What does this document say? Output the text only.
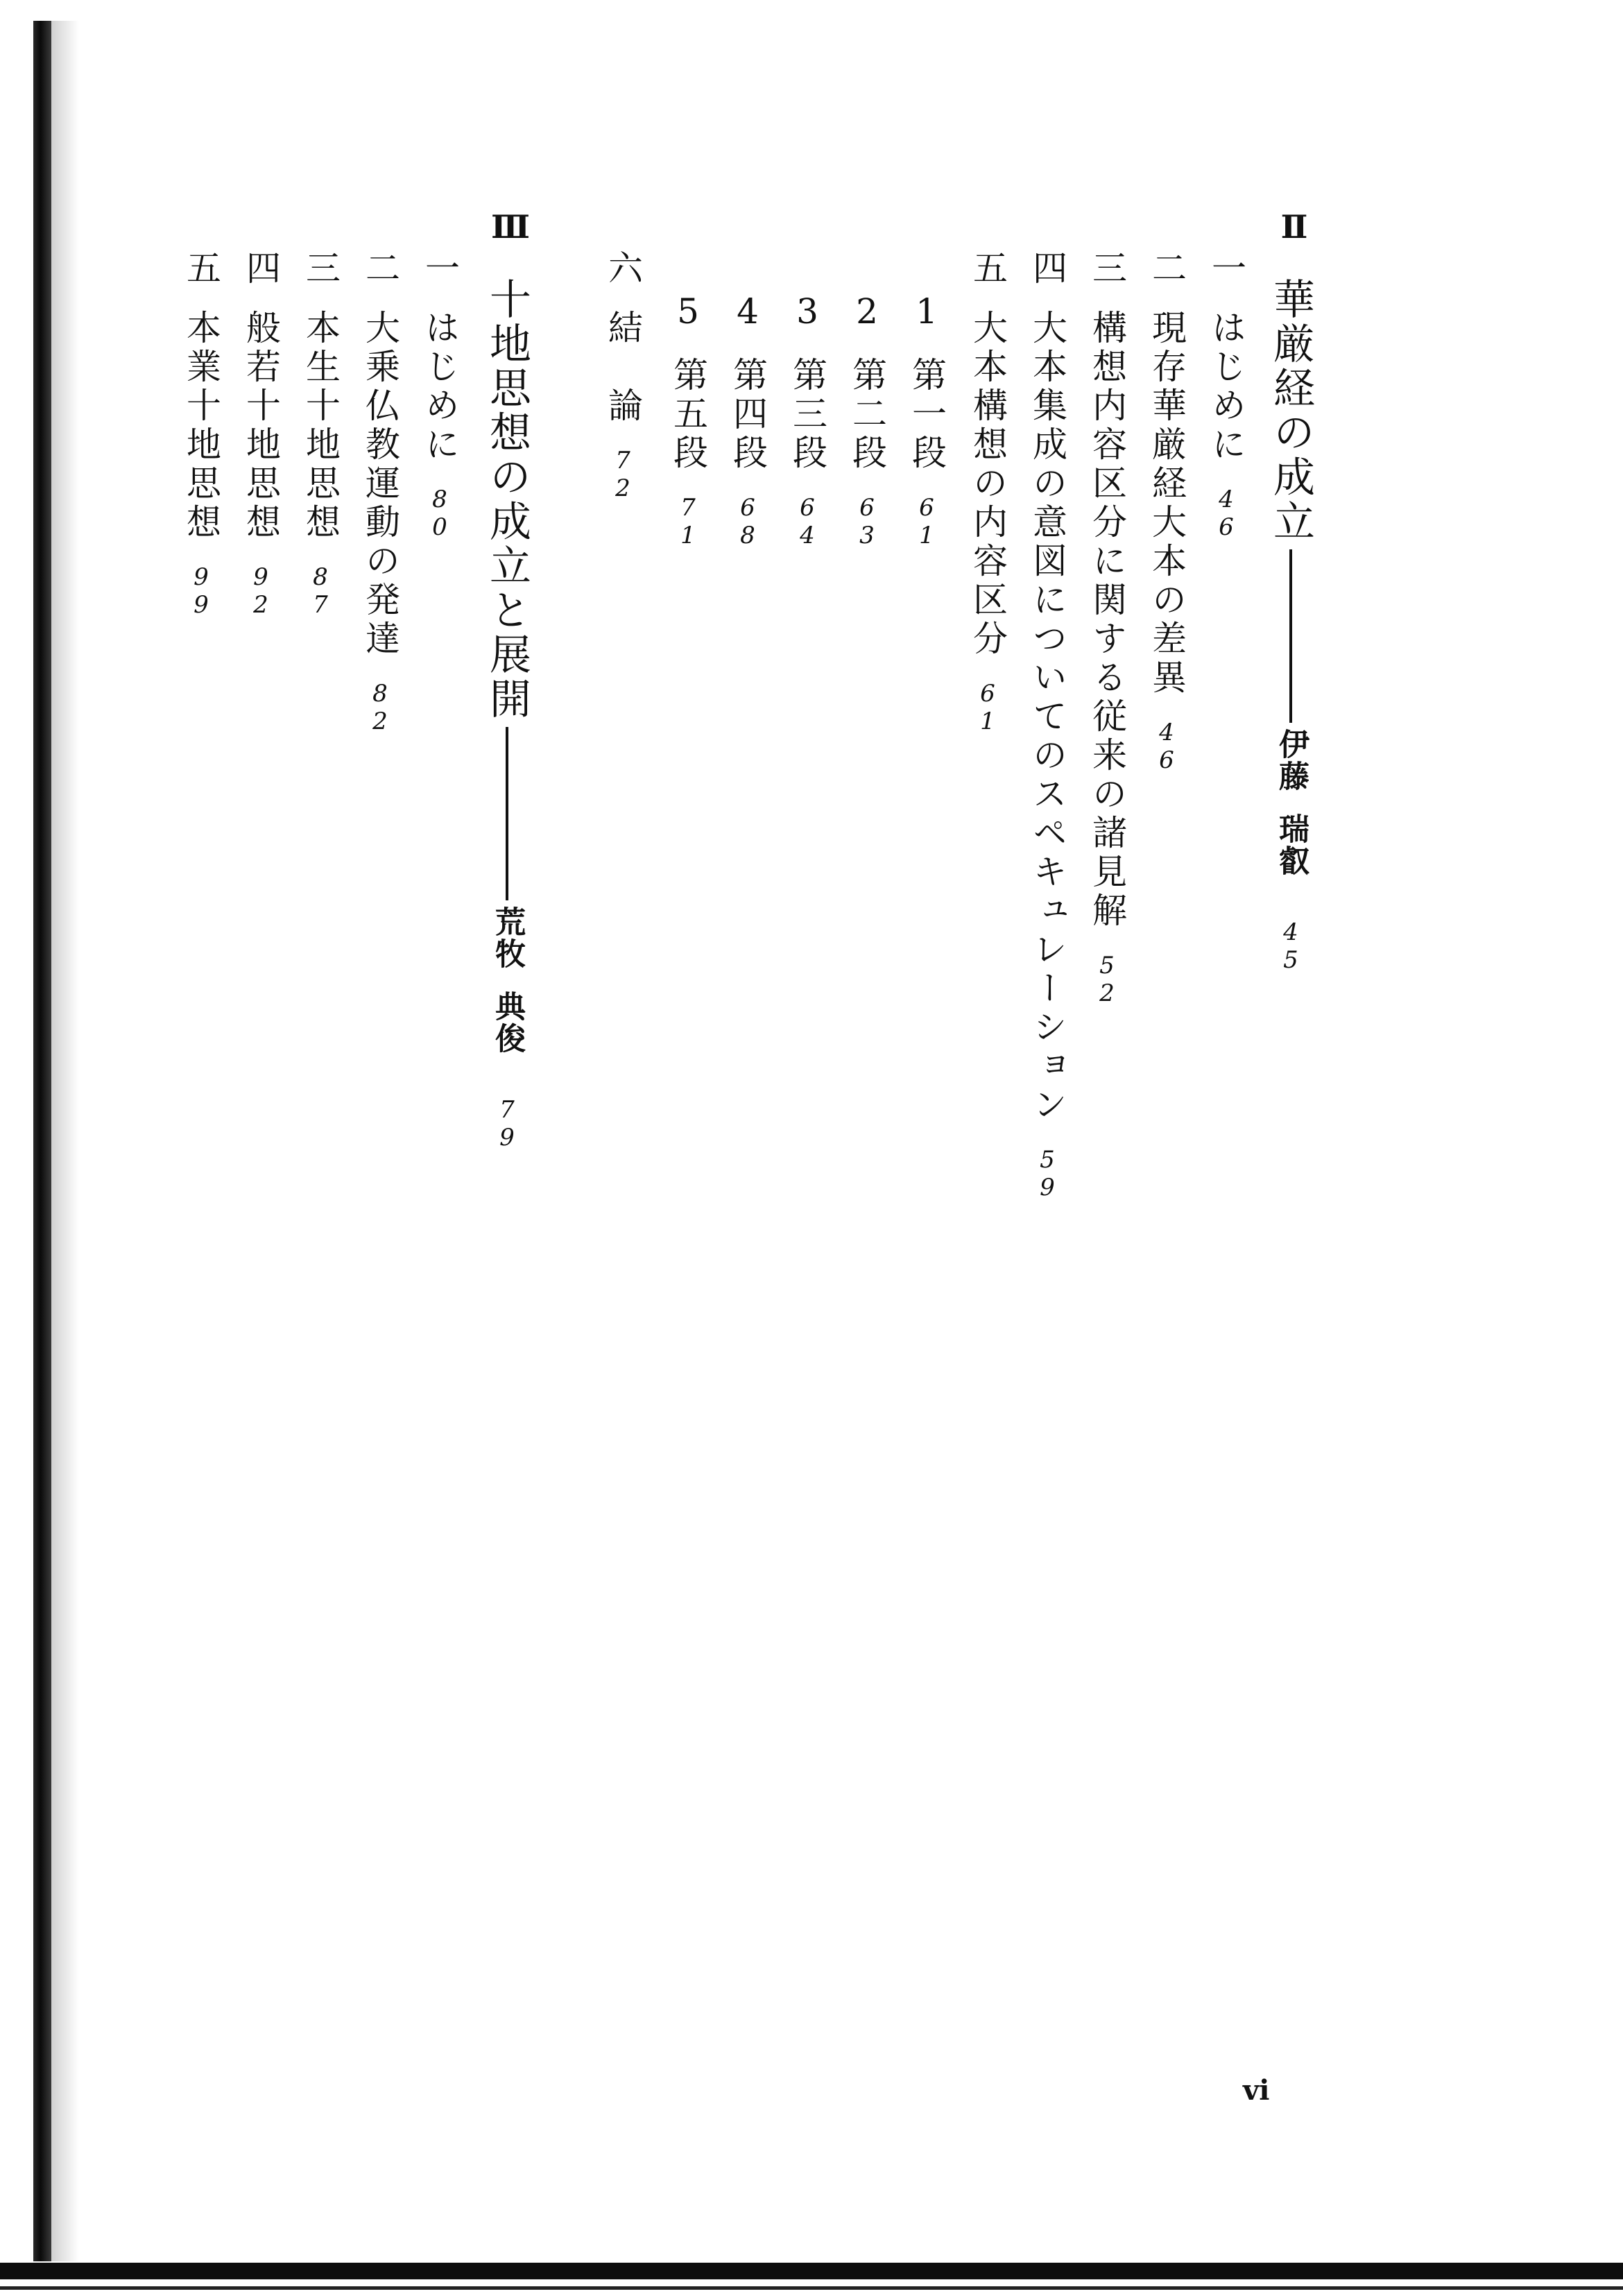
Ⅱ
華厳経の成立伊藤瑞叡45
一はじめに46
二現存華厳経大本の差異46
三構想内容区分に関する従来の諸見解52
四大本集成の意図についてのスペキュレーション59
五大本構想の内容区分61
1第一段61
2第二段63
3第三段64
4第四段68
5第五段71
六結　論72
Ⅲ
十地思想の成立と展開荒牧典俊79
一はじめに80
二大乗仏教運動の発達82
三本生十地思想87
四般若十地思想92
五本業十地思想99
vi
